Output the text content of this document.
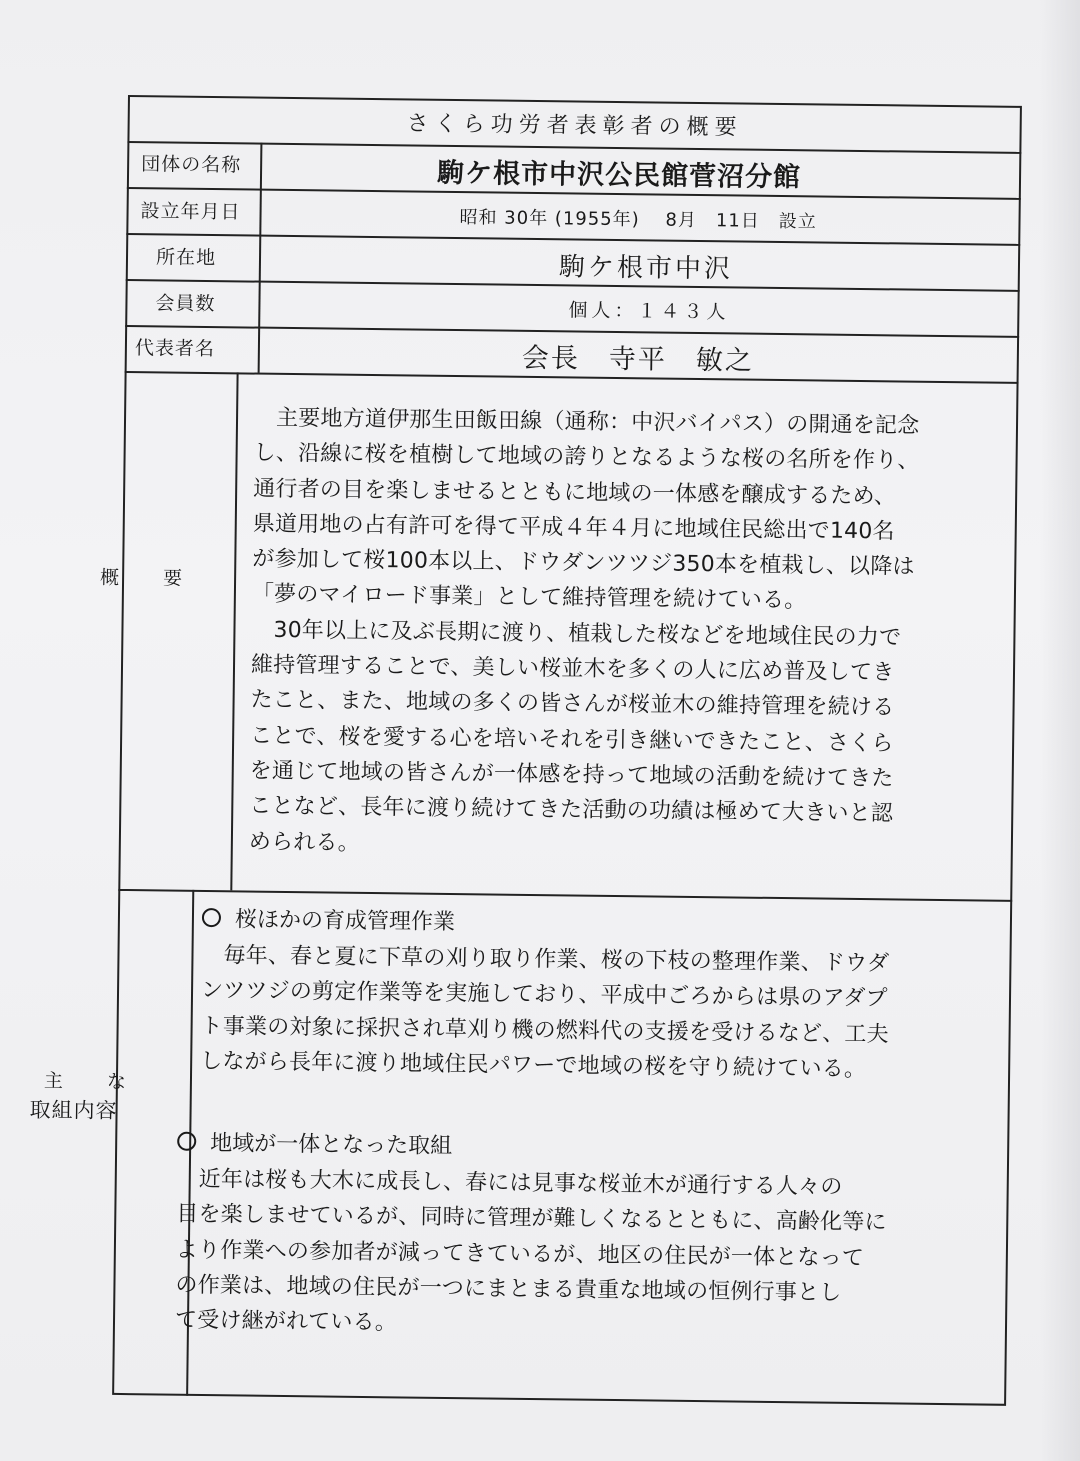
さくら功労者表彰者の概要
団体の名称	駒ケ根市中沢公民館菅沼分館
設立年月日	昭和 30年 (1955年)　 8月　11日　設立
所在地	駒ケ根市中沢
会員数	個人：１４３人
代表者名	会長　寺平　敏之
概　　要
主要地方道伊那生田飯田線（通称：中沢バイパス）の開通を記念
し、沿線に桜を植樹して地域の誇りとなるような桜の名所を作り、
通行者の目を楽しませるとともに地域の一体感を醸成するため、
県道用地の占有許可を得て平成４年４月に地域住民総出で140名
が参加して桜100本以上、ドウダンツツジ350本を植栽し、以降は
「夢のマイロード事業」として維持管理を続けている。
30年以上に及ぶ長期に渡り、植栽した桜などを地域住民の力で
維持管理することで、美しい桜並木を多くの人に広め普及してき
たこと、また、地域の多くの皆さんが桜並木の維持管理を続ける
ことで、桜を愛する心を培いそれを引き継いできたこと、さくら
を通じて地域の皆さんが一体感を持って地域の活動を続けてきた
ことなど、長年に渡り続けてきた活動の功績は極めて大きいと認
められる。
主　　な
取組内容
桜ほかの育成管理作業
毎年、春と夏に下草の刈り取り作業、桜の下枝の整理作業、ドウダ
ンツツジの剪定作業等を実施しており、平成中ごろからは県のアダプ
ト事業の対象に採択され草刈り機の燃料代の支援を受けるなど、工夫
しながら長年に渡り地域住民パワーで地域の桜を守り続けている。
地域が一体となった取組
近年は桜も大木に成長し、春には見事な桜並木が通行する人々の
目を楽しませているが、同時に管理が難しくなるとともに、高齢化等に
より作業への参加者が減ってきているが、地区の住民が一体となって
の作業は、地域の住民が一つにまとまる貴重な地域の恒例行事とし
て受け継がれている。
